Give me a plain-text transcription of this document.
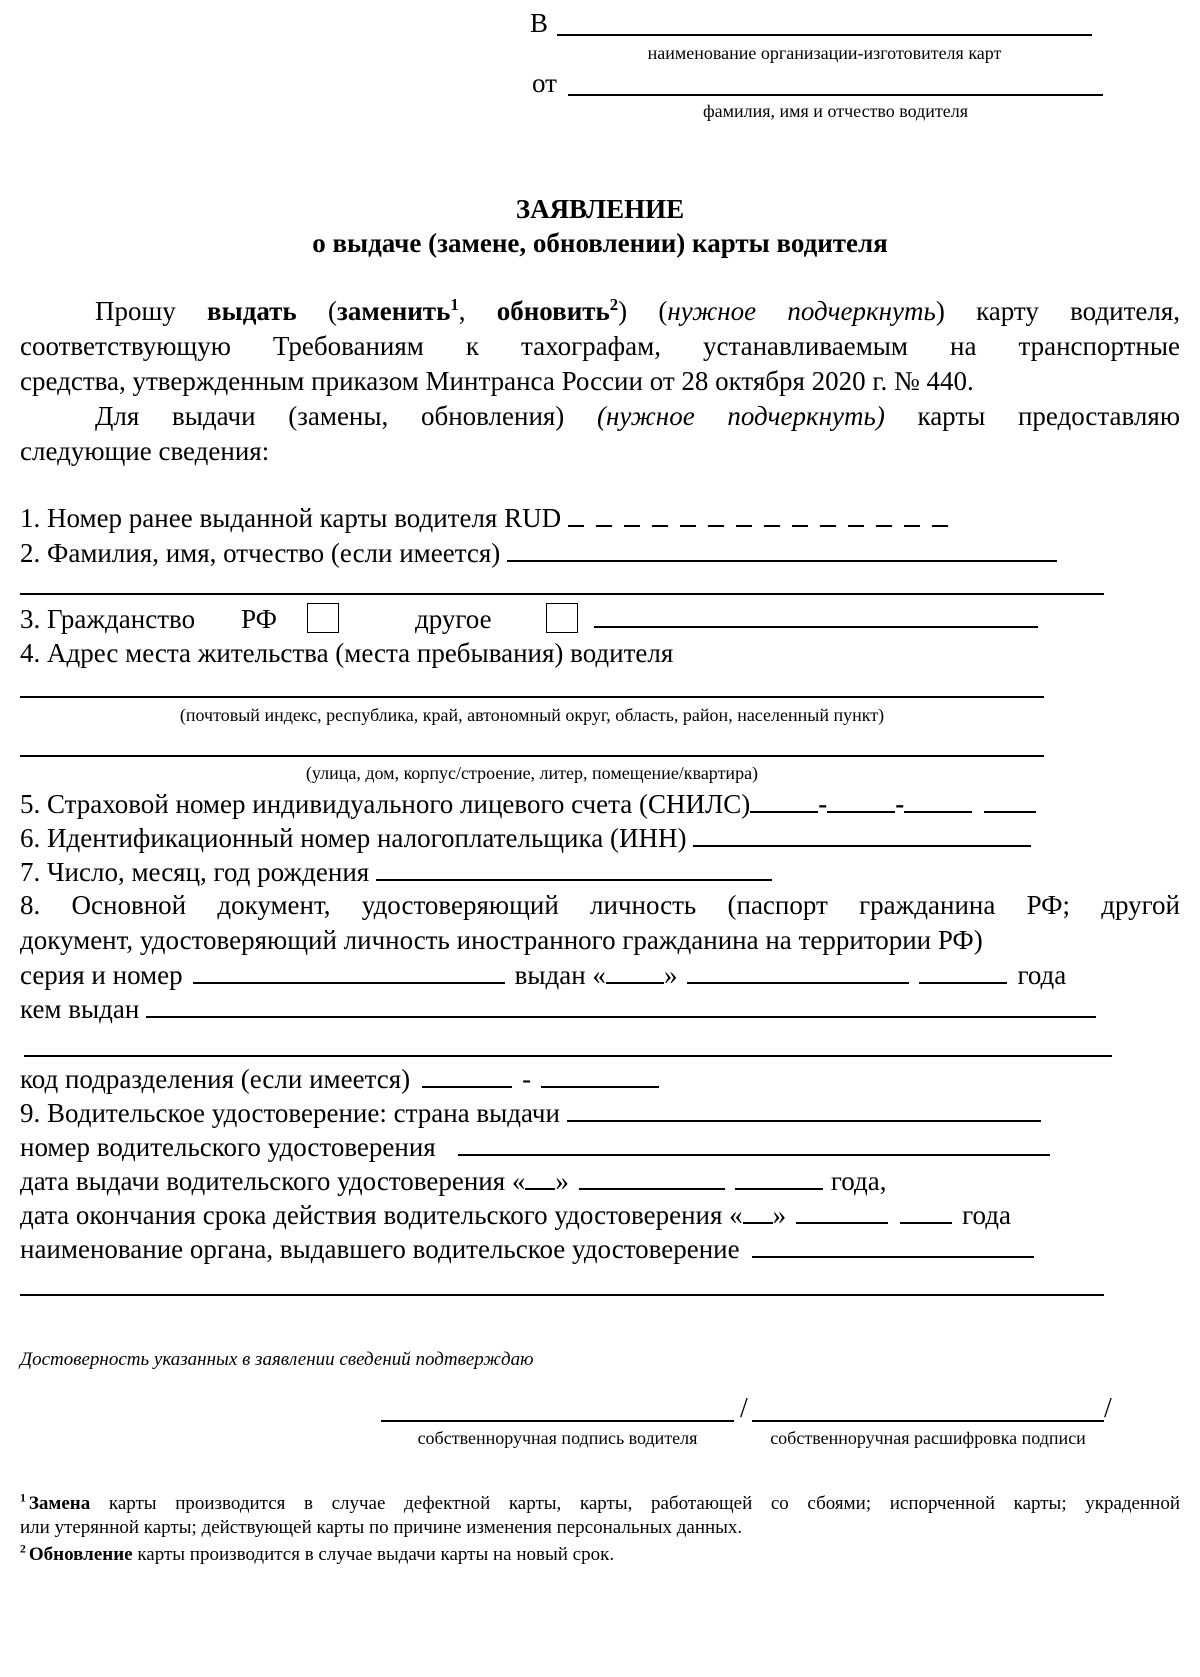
В
наименование организации-изготовителя карт
от
фамилия, имя и отчество водителя
ЗАЯВЛЕНИЕ
о выдаче (замене, обновлении) карты водителя
Прошу выдать (заменить$^1$, обновить$^2$) (нужное подчеркнуть) карту водителя,
соответствующую Требованиям к тахографам, устанавливаемым на транспортные
средства, утвержденным приказом Минтранса России от 28 октября 2020 г. № 440.
Для выдачи (замены, обновления) (нужное подчеркнуть) карты предоставляю
следующие сведения:
1. Номер ранее выданной карты водителя RUD
2. Фамилия, имя, отчество (если имеется)
3. Гражданство РФ	другое
4. Адрес места жительства (места пребывания) водителя
(почтовый индекс, республика, край, автономный округ, область, район, населенный пункт)
(улица, дом, корпус/строение, литер, помещение/квартира)
5. Страховой номер индивидуального лицевого счета (СНИЛС)	-	-
6. Идентификационный номер налогоплательщика (ИНН)
7. Число, месяц, год рождения
8. Основной документ, удостоверяющий личность (паспорт гражданина РФ; другой
документ, удостоверяющий личность иностранного гражданина на территории РФ)
серия и номер	выдан « »	года
кем выдан
код подразделения (если имеется)	-
9. Водительское удостоверение: страна выдачи
номер водительского удостоверения
дата выдачи водительского удостоверения « »	года,
дата окончания срока действия водительского удостоверения « »	года
наименование органа, выдавшего водительское удостоверение
Достоверность указанных в заявлении сведений подтверждаю
/	/
собственноручная подпись водителя	собственноручная расшифровка подписи
$^1$ Замена карты производится в случае дефектной карты, карты, работающей со сбоями; испорченной карты; украденной
или утерянной карты; действующей карты по причине изменения персональных данных.
$^2$ Обновление карты производится в случае выдачи карты на новый срок.
